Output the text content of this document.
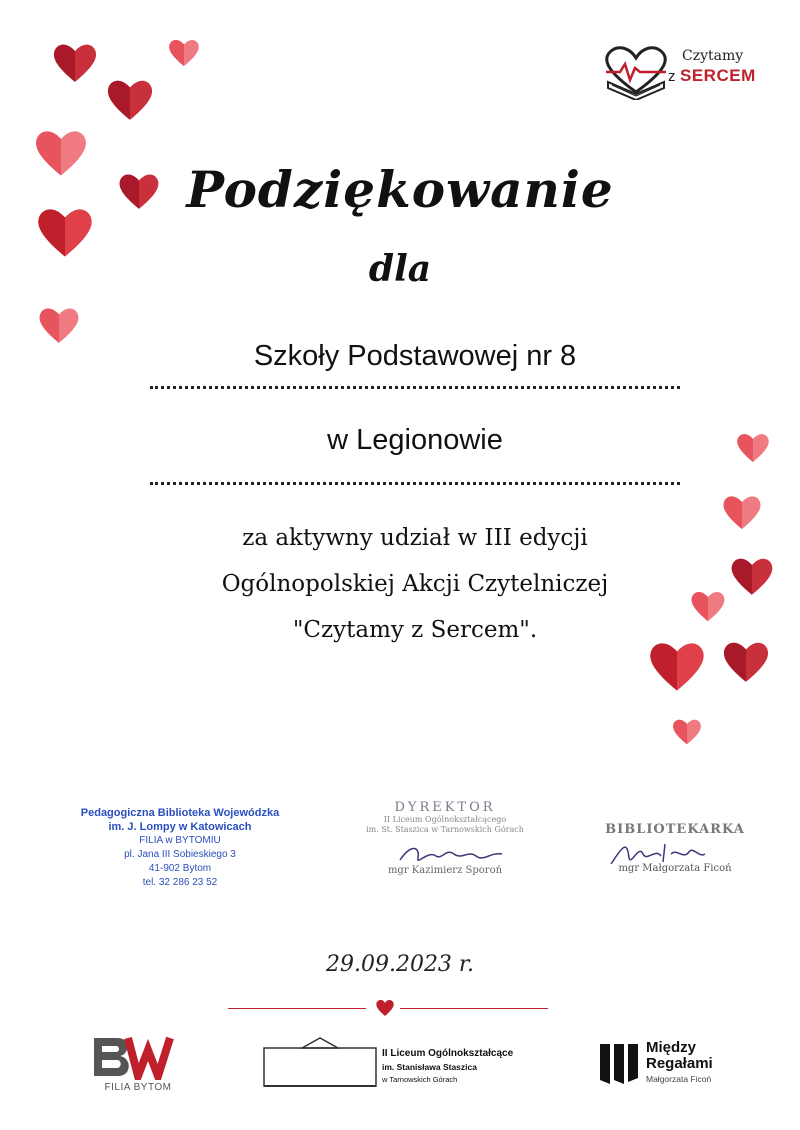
Czytamy
z SERCEM
Podziękowanie
dla
Szkoły Podstawowej nr 8
w Legionowie
za aktywny udział w III edycji
Ogólnopolskiej Akcji Czytelniczej
"Czytamy z Sercem".
Pedagogiczna Biblioteka Wojewódzka
im. J. Lompy w Katowicach
FILIA w BYTOMIU
pl. Jana III Sobieskiego 3
41-902 Bytom
tel. 32 286 23 52
DYREKTOR
II Liceum Ogólnokształcącego
im. St. Staszica w Tarnowskich Górach
mgr Kazimierz Sporoń
BIBLIOTEKARKA
mgr Małgorzata Ficoń
29.09.2023 r.
FILIA BYTOM
II Liceum Ogólnokształcące
im. Stanisława Staszica
w Tarnowskich Górach
Między
Regałami
Małgorzata Ficoń
